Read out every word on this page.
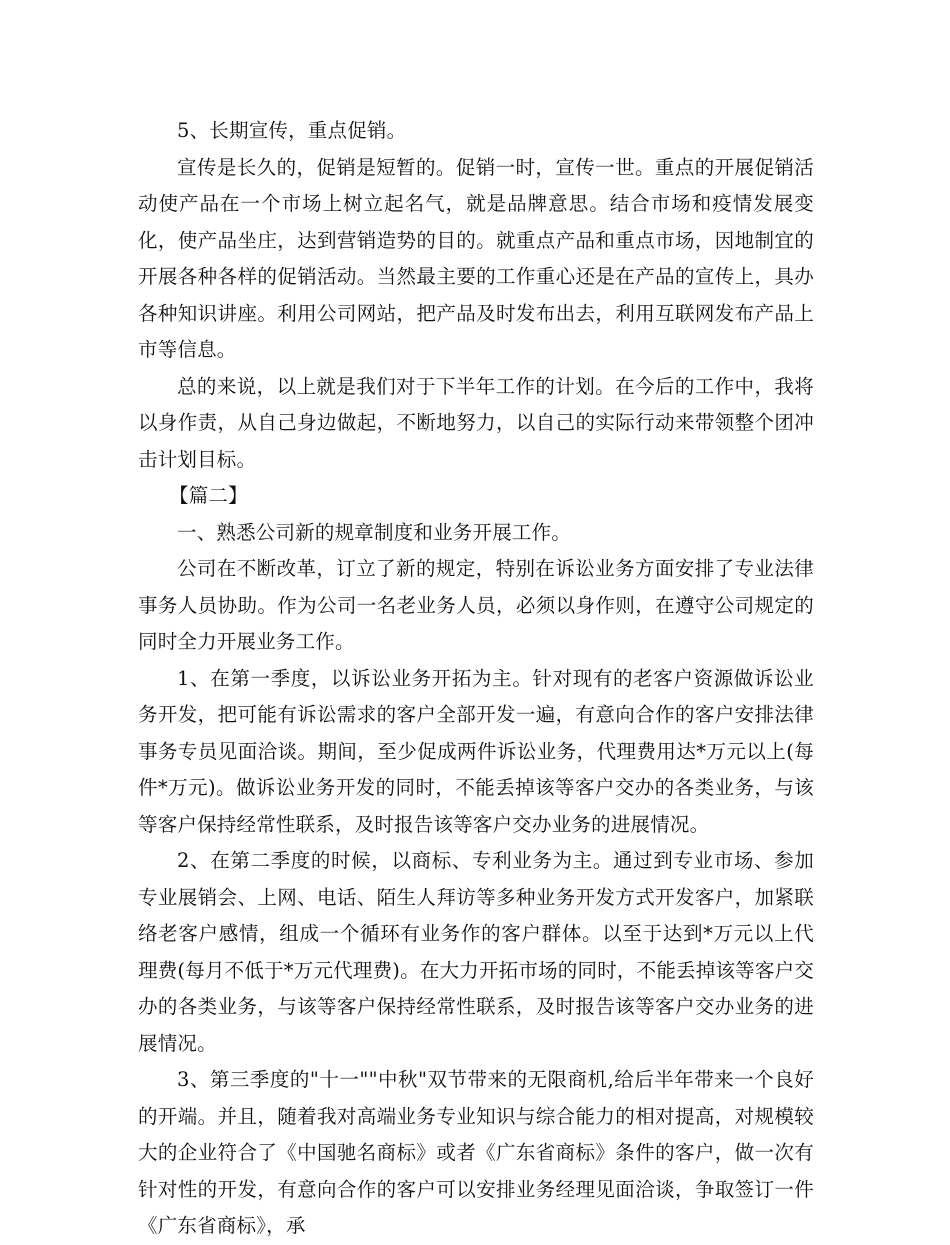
5、长期宣传，重点促销。

宣传是长久的，促销是短暂的。促销一时，宣传一世。重点的开展促销活动使产品在一个市场上树立起名气，就是品牌意思。结合市场和疫情发展变化，使产品坐庄，达到营销造势的目的。就重点产品和重点市场，因地制宜的开展各种各样的促销活动。当然最主要的工作重心还是在产品的宣传上，具办各种知识讲座。利用公司网站，把产品及时发布出去，利用互联网发布产品上市等信息。

总的来说，以上就是我们对于下半年工作的计划。在今后的工作中，我将以身作责，从自己身边做起，不断地努力，以自己的实际行动来带领整个团冲击计划目标。

【篇二】

一、熟悉公司新的规章制度和业务开展工作。

公司在不断改革，订立了新的规定，特别在诉讼业务方面安排了专业法律事务人员协助。作为公司一名老业务人员，必须以身作则，在遵守公司规定的同时全力开展业务工作。

1、在第一季度，以诉讼业务开拓为主。针对现有的老客户资源做诉讼业务开发，把可能有诉讼需求的客户全部开发一遍，有意向合作的客户安排法律事务专员见面洽谈。期间，至少促成两件诉讼业务，代理费用达*万元以上(每件*万元)。做诉讼业务开发的同时，不能丢掉该等客户交办的各类业务，与该等客户保持经常性联系，及时报告该等客户交办业务的进展情况。

2、在第二季度的时候，以商标、专利业务为主。通过到专业市场、参加专业展销会、上网、电话、陌生人拜访等多种业务开发方式开发客户，加紧联络老客户感情，组成一个循环有业务作的客户群体。以至于达到*万元以上代理费(每月不低于*万元代理费)。在大力开拓市场的同时，不能丢掉该等客户交办的各类业务，与该等客户保持经常性联系，及时报告该等客户交办业务的进展情况。

3、第三季度的"十一""中秋"双节带来的无限商机,给后半年带来一个良好的开端。并且，随着我对高端业务专业知识与综合能力的相对提高，对规模较大的企业符合了《中国驰名商标》或者《广东省商标》条件的客户，做一次有针对性的开发，有意向合作的客户可以安排业务经理见面洽谈，争取签订一件《广东省商标》，承
